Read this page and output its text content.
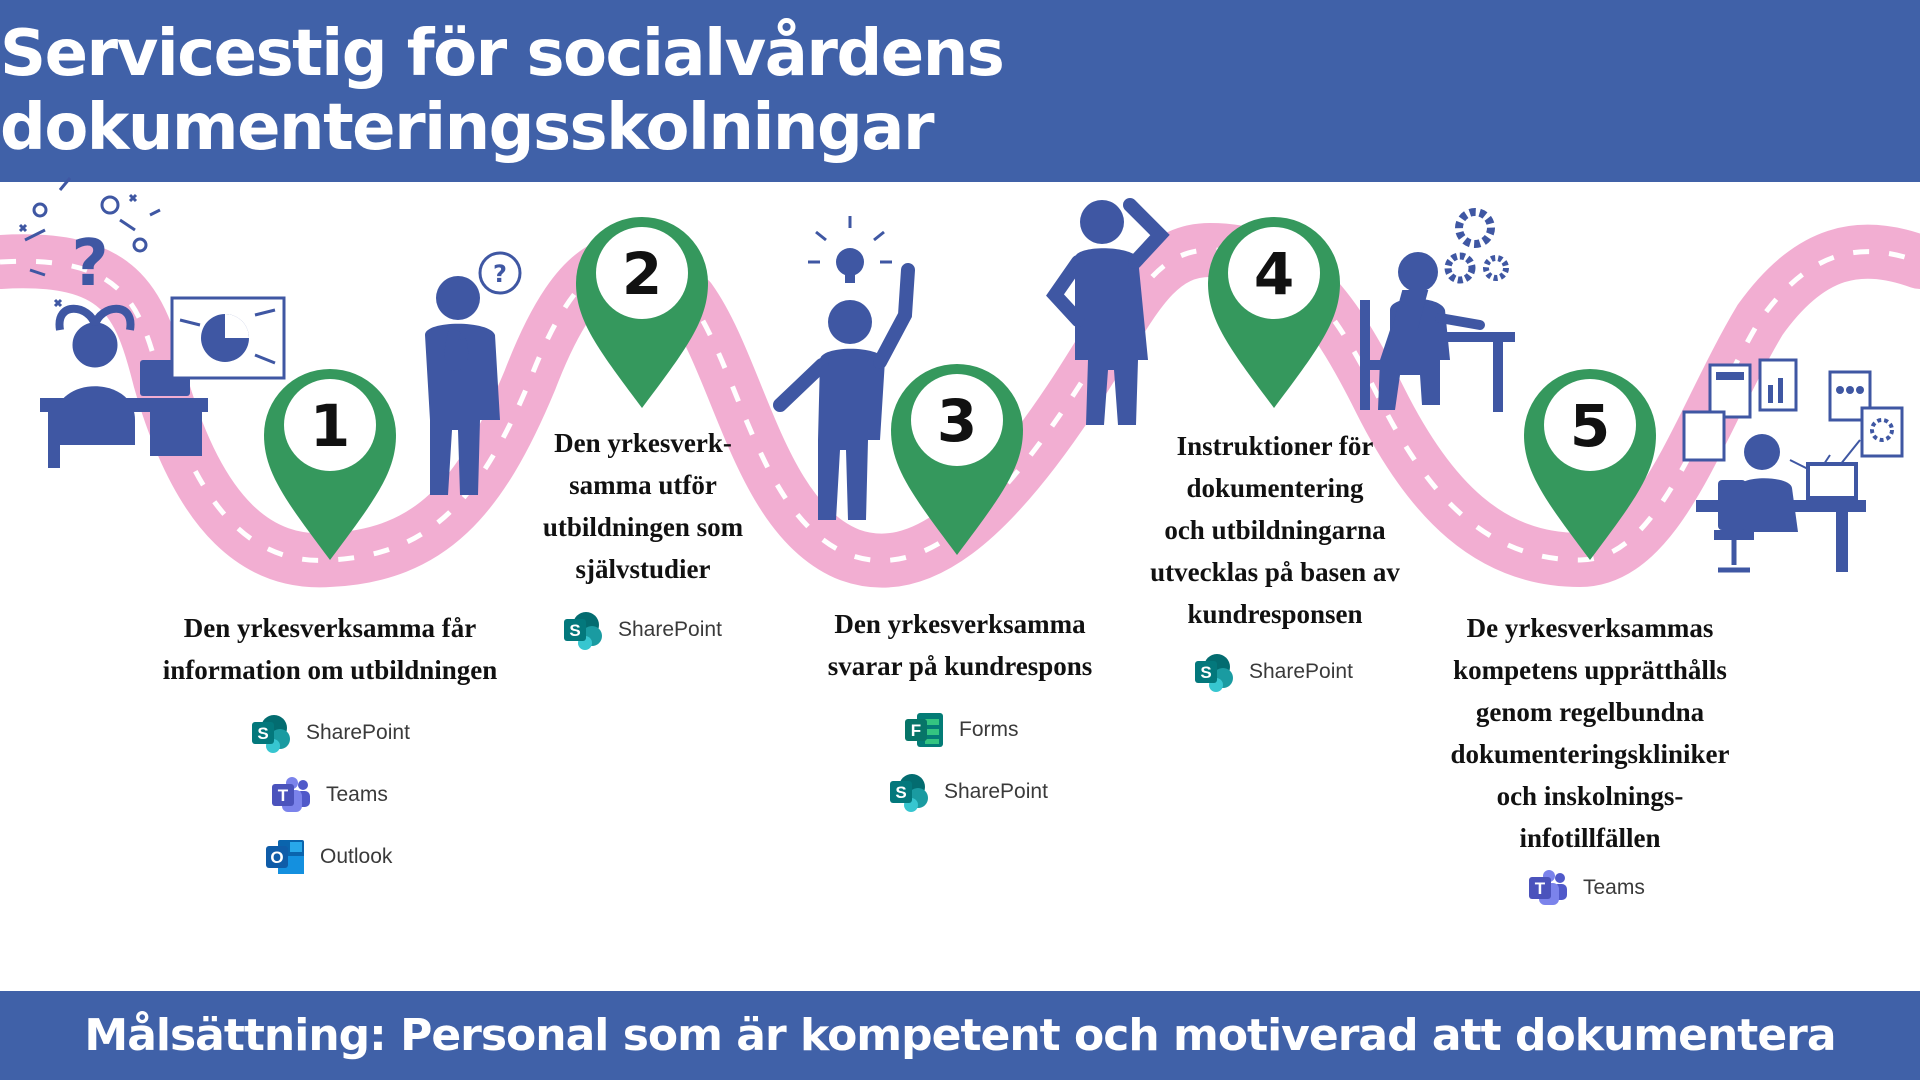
Servicestig för socialvårdens dokumenteringsskolningar
?	?
1
2
3
4
5
Den yrkesverksamma får
information om utbildningen
Den yrkesverk-
samma utför
utbildningen som
självstudier
Den yrkesverksamma
svarar på kundrespons
Instruktioner för
dokumentering
och utbildningarna
utvecklas på basen av
kundresponsen	De yrkesverksammas
kompetens upprätthålls
genom regelbundna
dokumenteringskliniker
och inskolnings-
infotillfällen
S SharePoint
T Teams
O Outlook
S SharePoint
F Forms
S SharePoint
S SharePoint
T Teams
Målsättning: Personal som är kompetent och motiverad att dokumentera
